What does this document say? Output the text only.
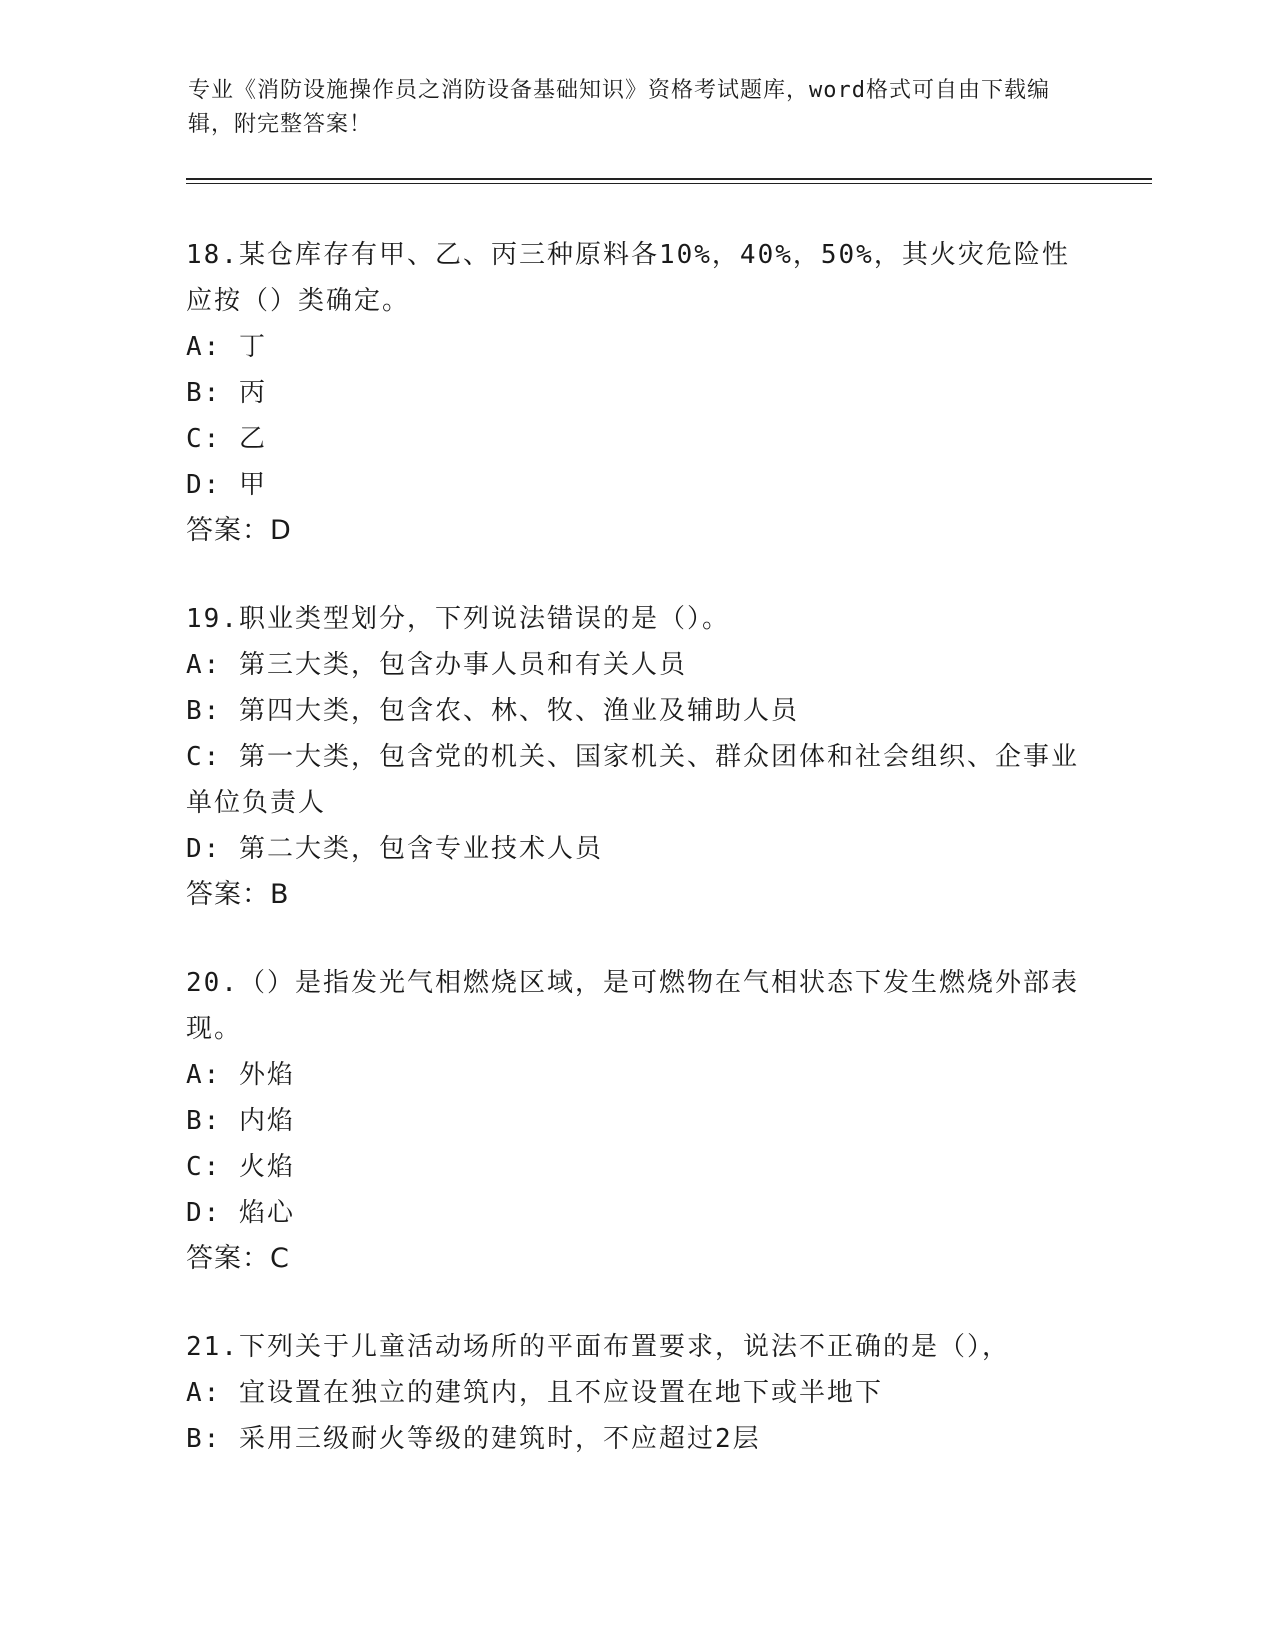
专业《消防设施操作员之消防设备基础知识》资格考试题库，word格式可自由下载编辑，附完整答案！

18.某仓库存有甲、乙、丙三种原料各10%，40%，50%，其火灾危险性应按（）类确定。

A: 丁

B: 丙

C: 乙

D: 甲

答案：D

19.职业类型划分，下列说法错误的是（）。

A: 第三大类，包含办事人员和有关人员

B: 第四大类，包含农、林、牧、渔业及辅助人员

C: 第一大类，包含党的机关、国家机关、群众团体和社会组织、企事业单位负责人

D: 第二大类，包含专业技术人员

答案：B

20.（）是指发光气相燃烧区域，是可燃物在气相状态下发生燃烧外部表现。

A: 外焰

B: 内焰

C: 火焰

D: 焰心

答案：C

21.下列关于儿童活动场所的平面布置要求，说法不正确的是（），

A: 宜设置在独立的建筑内，且不应设置在地下或半地下

B: 采用三级耐火等级的建筑时，不应超过2层
